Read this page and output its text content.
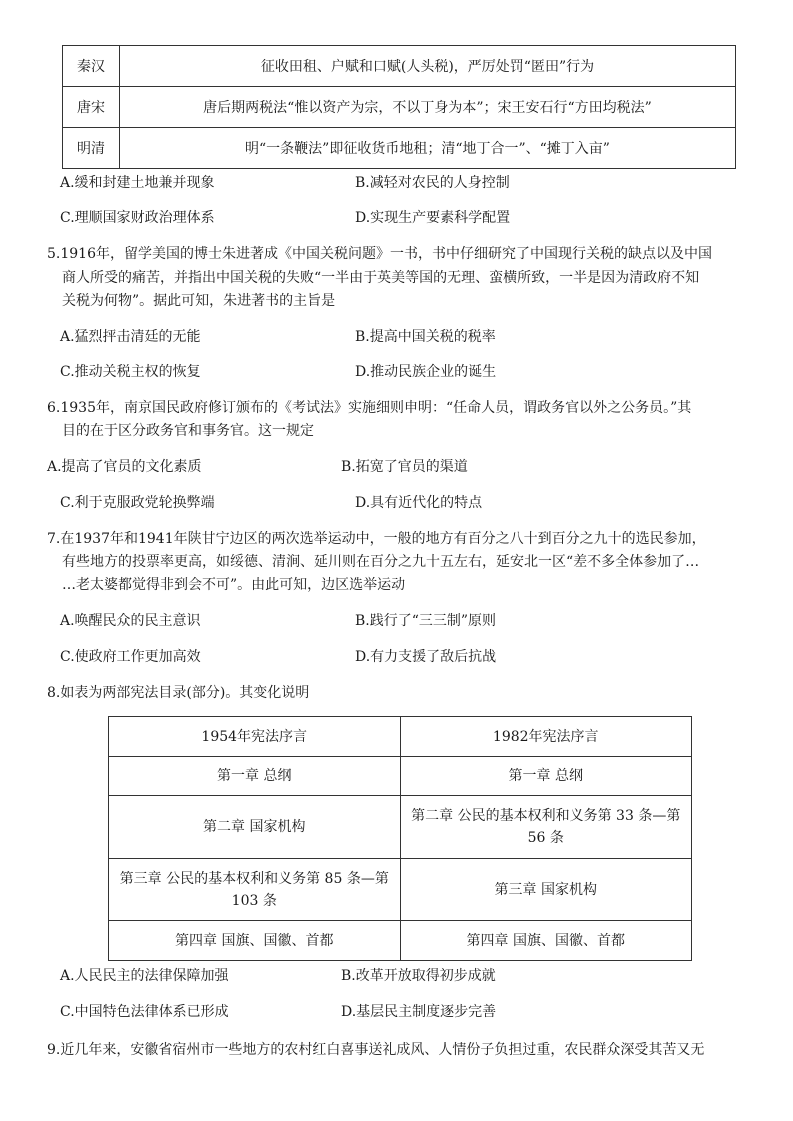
秦汉	征收田租、户赋和口赋(人头税)，严厉处罚“匿田”行为
唐宋	唐后期两税法“惟以资产为宗，不以丁身为本”；宋王安石行“方田均税法”
明清	明“一条鞭法”即征收货币地租；清“地丁合一”、“摊丁入亩”
A.缓和封建土地兼并现象	B.减轻对农民的人身控制
C.理顺国家财政治理体系	D.实现生产要素科学配置
5.1916年，留学美国的博士朱进著成《中国关税问题》一书，书中仔细研究了中国现行关税的缺点以及中国
商人所受的痛苦，并指出中国关税的失败“一半由于英美等国的无理、蛮横所致，一半是因为清政府不知
关税为何物”。据此可知，朱进著书的主旨是
A.猛烈抨击清廷的无能	B.提高中国关税的税率
C.推动关税主权的恢复	D.推动民族企业的诞生
6.1935年，南京国民政府修订颁布的《考试法》实施细则申明：“任命人员，谓政务官以外之公务员。”其
目的在于区分政务官和事务官。这一规定
A.提高了官员的文化素质	B.拓宽了官员的渠道
C.利于克服政党轮换弊端	D.具有近代化的特点
7.在1937年和1941年陕甘宁边区的两次选举运动中，一般的地方有百分之八十到百分之九十的选民参加，
有些地方的投票率更高，如绥德、清涧、延川则在百分之九十五左右，延安北一区“差不多全体参加了…
…老太婆都觉得非到会不可”。由此可知，边区选举运动
A.唤醒民众的民主意识	B.践行了“三三制”原则
C.使政府工作更加高效	D.有力支援了敌后抗战
8.如表为两部宪法目录(部分)。其变化说明
1954年宪法序言	1982年宪法序言
第一章 总纲	第一章 总纲
第二章 国家机构	第二章 公民的基本权利和义务第 33 条—第
56 条
第三章 公民的基本权利和义务第 85 条—第
103 条	第三章 国家机构
第四章 国旗、国徽、首都	第四章 国旗、国徽、首都
A.人民民主的法律保障加强	B.改革开放取得初步成就
C.中国特色法律体系已形成	D.基层民主制度逐步完善
9.近几年来，安徽省宿州市一些地方的农村红白喜事送礼成风、人情份子负担过重，农民群众深受其苦又无
